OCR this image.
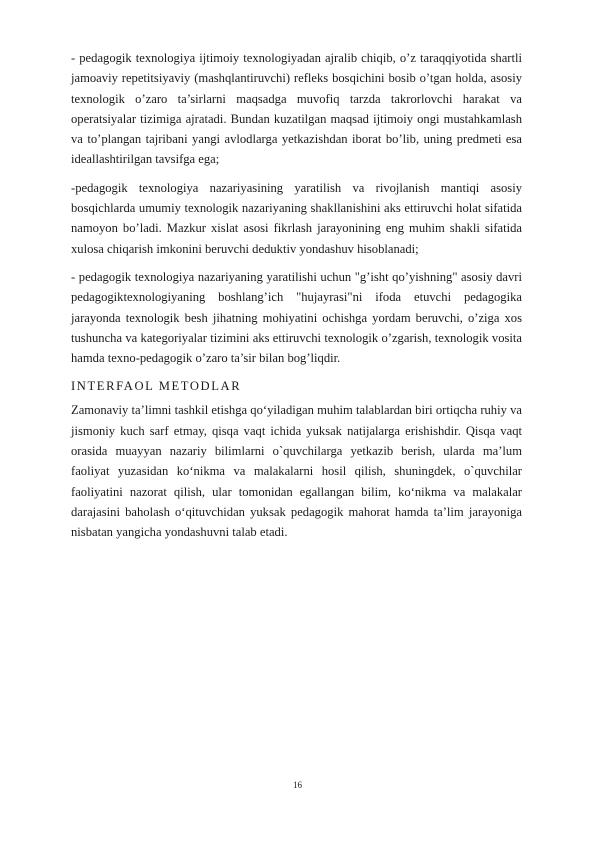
- pedagogik texnologiya ijtimoiy texnologiyadan ajralib chiqib, o’z taraqqiyotida shartli jamoaviy repetitsiyaviy (mashqlantiruvchi) refleks bosqichini bosib o’tgan holda, asosiy texnologik o’zaro ta’sirlarni maqsadga muvofiq tarzda takrorlovchi harakat va operatsiyalar tizimiga ajratadi. Bundan kuzatilgan maqsad ijtimoiy ongi mustahkamlash va to’plangan tajribani yangi avlodlarga yetkazishdan iborat bo’lib, uning predmeti esa ideallashtirilgan tavsifga ega;

-pedagogik texnologiya nazariyasining yaratilish va rivojlanish mantiqi asosiy bosqichlarda umumiy texnologik nazariyaning shakllanishini aks ettiruvchi holat sifatida namoyon bo’ladi. Mazkur xislat asosi fikrlash jarayonining eng muhim shakli sifatida xulosa chiqarish imkonini beruvchi deduktiv yondashuv hisoblanadi;

- pedagogik texnologiya nazariyaning yaratilishi uchun "g’isht qo’yishning" asosiy davri pedagogiktexnologiyaning boshlang’ich "hujayrasi"ni ifoda etuvchi pedagogika jarayonda texnologik besh jihatning mohiyatini ochishga yordam beruvchi, o’ziga xos tushuncha va kategoriyalar tizimini aks ettiruvchi texnologik o’zgarish, texnologik vosita hamda texno-pedagogik o’zaro ta’sir bilan bog’liqdir.

INTERFAOL METODLAR

Zamonaviy ta’limni tashkil etishga qo‘yiladigan muhim talablardan biri ortiqcha ruhiy va jismoniy kuch sarf etmay, qisqa vaqt ichida yuksak natijalarga erishishdir. Qisqa vaqt orasida muayyan nazariy bilimlarni o`quvchilarga yetkazib berish, ularda ma’lum faoliyat yuzasidan ko‘nikma va malakalarni hosil qilish, shuningdek, o`quvchilar faoliyatini nazorat qilish, ular tomonidan egallangan bilim, ko‘nikma va malakalar darajasini baholash o‘qituvchidan yuksak pedagogik mahorat hamda ta’lim jarayoniga nisbatan yangicha yondashuvni talab etadi.

16
